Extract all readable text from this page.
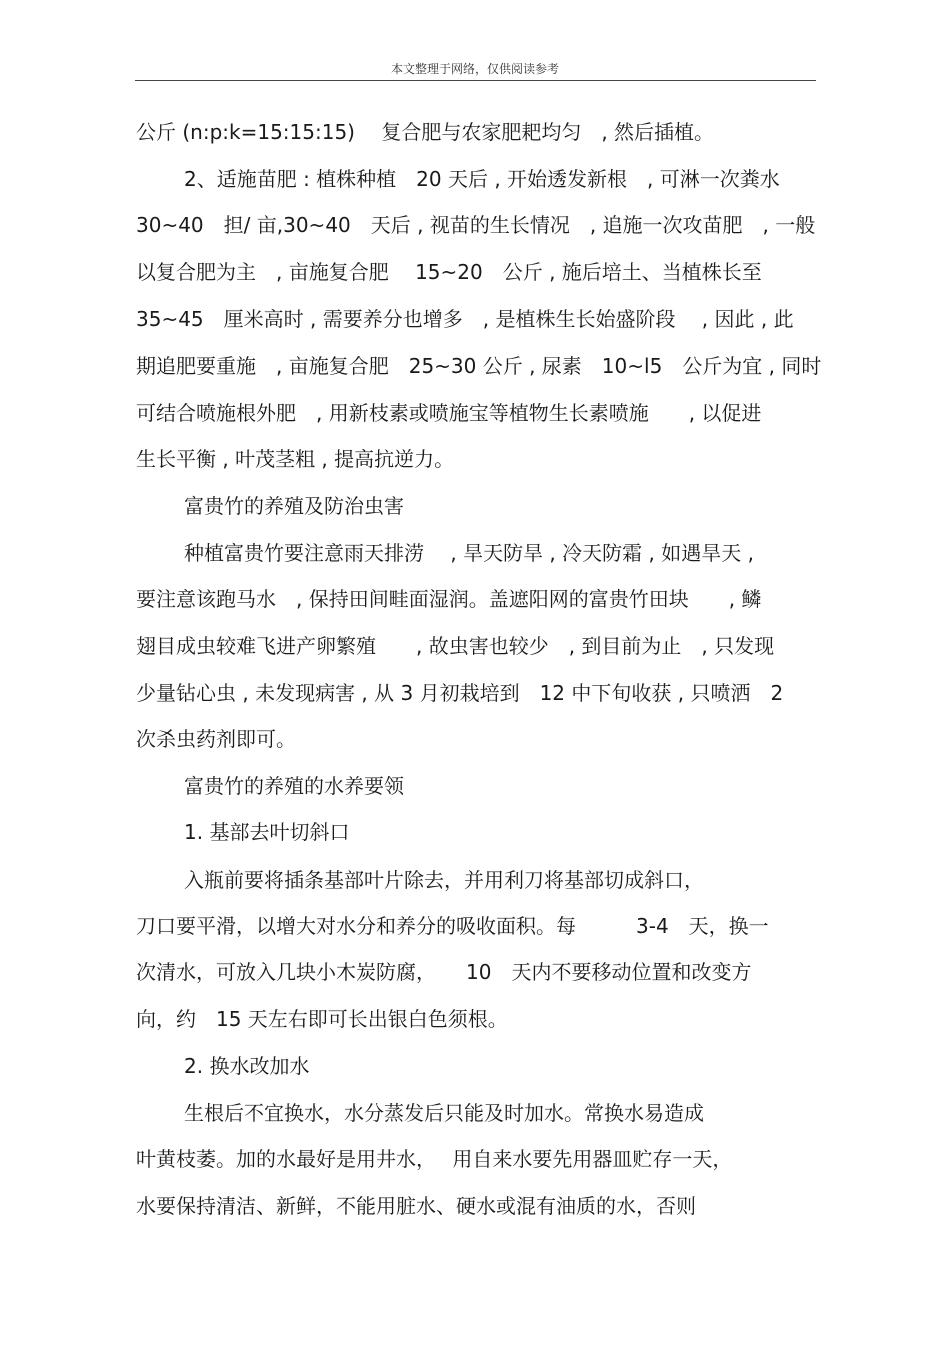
本文整理于网络，仅供阅读参考
公斤 (n:p:k=15:15:15)　 复合肥与农家肥耙均匀　, 然后插植。
2、适施苗肥 : 植株种植　20 天后 , 开始透发新根　, 可淋一次粪水
30~40　担/ 亩,30~40　天后 , 视苗的生长情况　, 追施一次攻苗肥　, 一般
以复合肥为主　, 亩施复合肥　 15~20　公斤 , 施后培土、当植株长至
35~45　厘米高时 , 需要养分也增多　, 是植株生长始盛阶段　 , 因此 , 此
期追肥要重施　, 亩施复合肥　25~30 公斤 , 尿素　10~l5　公斤为宜 , 同时
可结合喷施根外肥　, 用新枝素或喷施宝等植物生长素喷施　　, 以促进
生长平衡 , 叶茂茎粗 , 提高抗逆力。
富贵竹的养殖及防治虫害
种植富贵竹要注意雨天排涝　 , 旱天防旱 , 冷天防霜 , 如遇旱天 ,
要注意该跑马水　, 保持田间畦面湿润。盖遮阳网的富贵竹田块　　, 鳞
翅目成虫较难飞进产卵繁殖　　, 故虫害也较少　, 到目前为止　, 只发现
少量钻心虫 , 未发现病害 , 从 3 月初栽培到　12 中下旬收获 , 只喷洒　2
次杀虫药剂即可。
富贵竹的养殖的水养要领
1. 基部去叶切斜口
入瓶前要将插条基部叶片除去，并用利刀将基部切成斜口，
刀口要平滑，以增大对水分和养分的吸收面积。每　　　3-4　天，换一
次清水，可放入几块小木炭防腐，　　10　天内不要移动位置和改变方
向，约　15 天左右即可长出银白色须根。
2. 换水改加水
生根后不宜换水，水分蒸发后只能及时加水。常换水易造成
叶黄枝萎。加的水最好是用井水，　 用自来水要先用器皿贮存一天，
水要保持清洁、新鲜，不能用脏水、硬水或混有油质的水，否则
